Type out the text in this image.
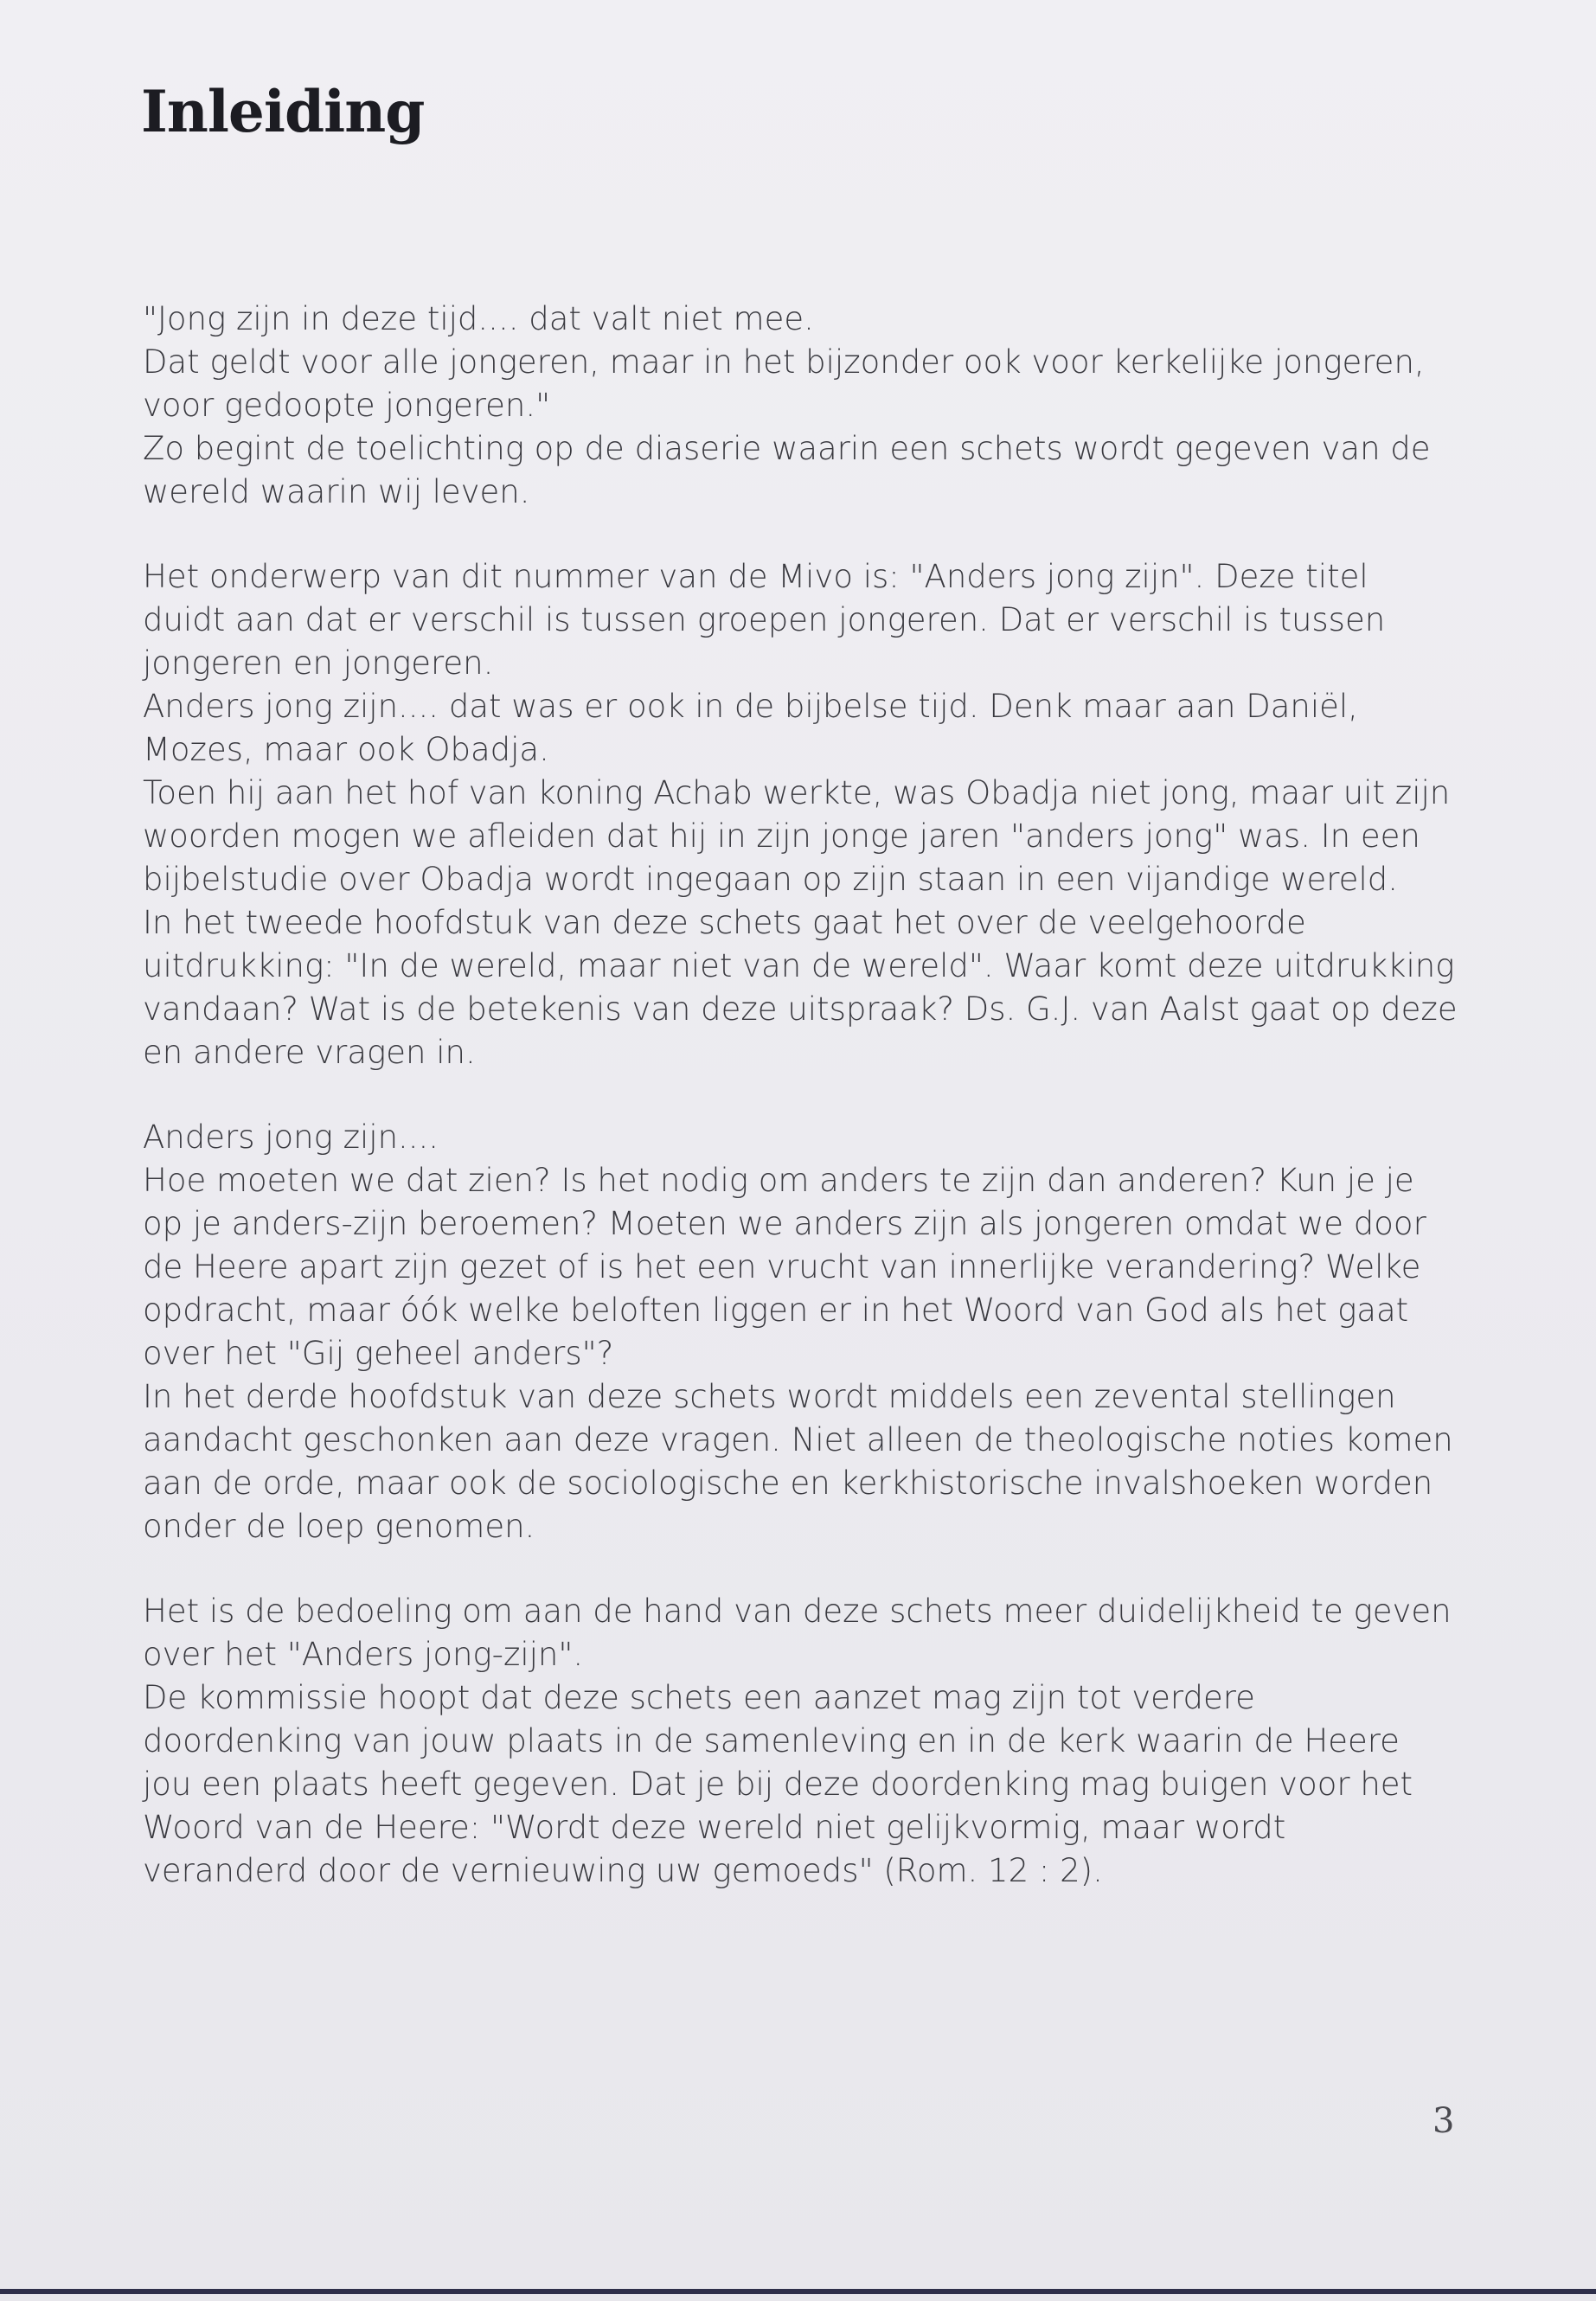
Inleiding

"Jong zijn in deze tijd.... dat valt niet mee.
Dat geldt voor alle jongeren, maar in het bijzonder ook voor kerkelijke jongeren, voor gedoopte jongeren."
Zo begint de toelichting op de diaserie waarin een schets wordt gegeven van de wereld waarin wij leven.

Het onderwerp van dit nummer van de Mivo is: "Anders jong zijn". Deze titel duidt aan dat er verschil is tussen groepen jongeren. Dat er verschil is tussen jongeren en jongeren.
Anders jong zijn.... dat was er ook in de bijbelse tijd. Denk maar aan Daniël, Mozes, maar ook Obadja.
Toen hij aan het hof van koning Achab werkte, was Obadja niet jong, maar uit zijn woorden mogen we afleiden dat hij in zijn jonge jaren "anders jong" was. In een bijbelstudie over Obadja wordt ingegaan op zijn staan in een vijandige wereld.
In het tweede hoofdstuk van deze schets gaat het over de veelgehoorde uitdrukking: "In de wereld, maar niet van de wereld". Waar komt deze uitdrukking vandaan? Wat is de betekenis van deze uitspraak? Ds. G.J. van Aalst gaat op deze en andere vragen in.

Anders jong zijn....
Hoe moeten we dat zien? Is het nodig om anders te zijn dan anderen? Kun je je op je anders-zijn beroemen? Moeten we anders zijn als jongeren omdat we door de Heere apart zijn gezet of is het een vrucht van innerlijke verandering? Welke opdracht, maar óók welke beloften liggen er in het Woord van God als het gaat over het "Gij geheel anders"?
In het derde hoofdstuk van deze schets wordt middels een zevental stellingen aandacht geschonken aan deze vragen. Niet alleen de theologische noties komen aan de orde, maar ook de sociologische en kerkhistorische invalshoeken worden onder de loep genomen.

Het is de bedoeling om aan de hand van deze schets meer duidelijkheid te geven over het "Anders jong-zijn".
De kommissie hoopt dat deze schets een aanzet mag zijn tot verdere doordenking van jouw plaats in de samenleving en in de kerk waarin de Heere jou een plaats heeft gegeven. Dat je bij deze doordenking mag buigen voor het Woord van de Heere: "Wordt deze wereld niet gelijkvormig, maar wordt veranderd door de vernieuwing uw gemoeds" (Rom. 12 : 2).

3
